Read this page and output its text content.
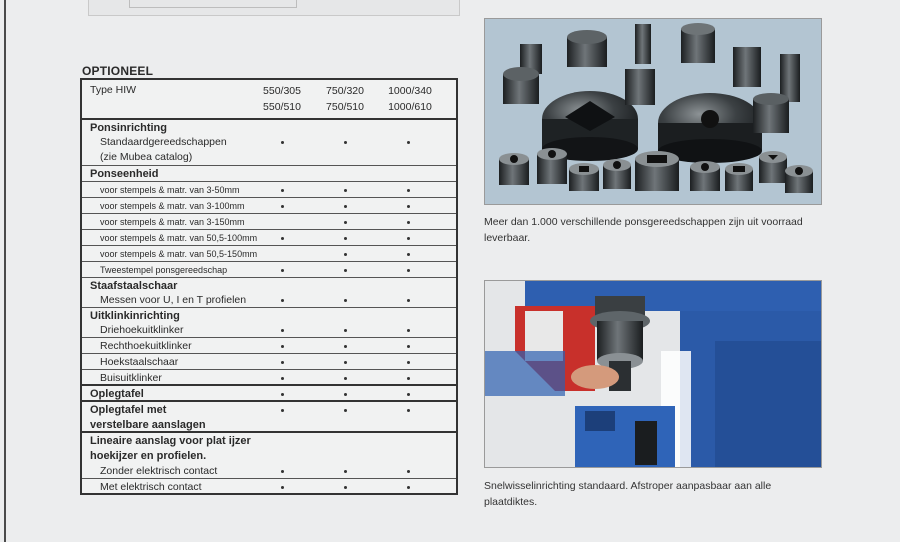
OPTIONEEL
Type HIW	550/305
550/510
750/320
750/510
1000/340
1000/610
Ponsinrichting
Standaardgereedschappen
(zie Mubea catalog)
Ponseenheid
voor stempels & matr. van 3-50mm
voor stempels & matr. van 3-100mm
voor stempels & matr. van 3-150mm
voor stempels & matr. van 50,5-100mm
voor stempels & matr. van 50,5-150mm
Tweestempel ponsgereedschap
Staafstaalschaar
Messen voor U, I en T profielen
Uitklinkinrichting
Driehoekuitklinker
Rechthoekuitklinker
Hoekstaalschaar
Buisuitklinker
Oplegtafel
Oplegtafel met
verstelbare aanslagen
Lineaire aanslag voor plat ijzer
hoekijzer en profielen.
Zonder elektrisch contact
Met elektrisch contact
Meer dan 1.000 verschillende ponsgereedschappen zijn uit voorraad leverbaar.
Snelwisselinrichting standaard. Afstroper aanpasbaar aan alle plaatdiktes.
